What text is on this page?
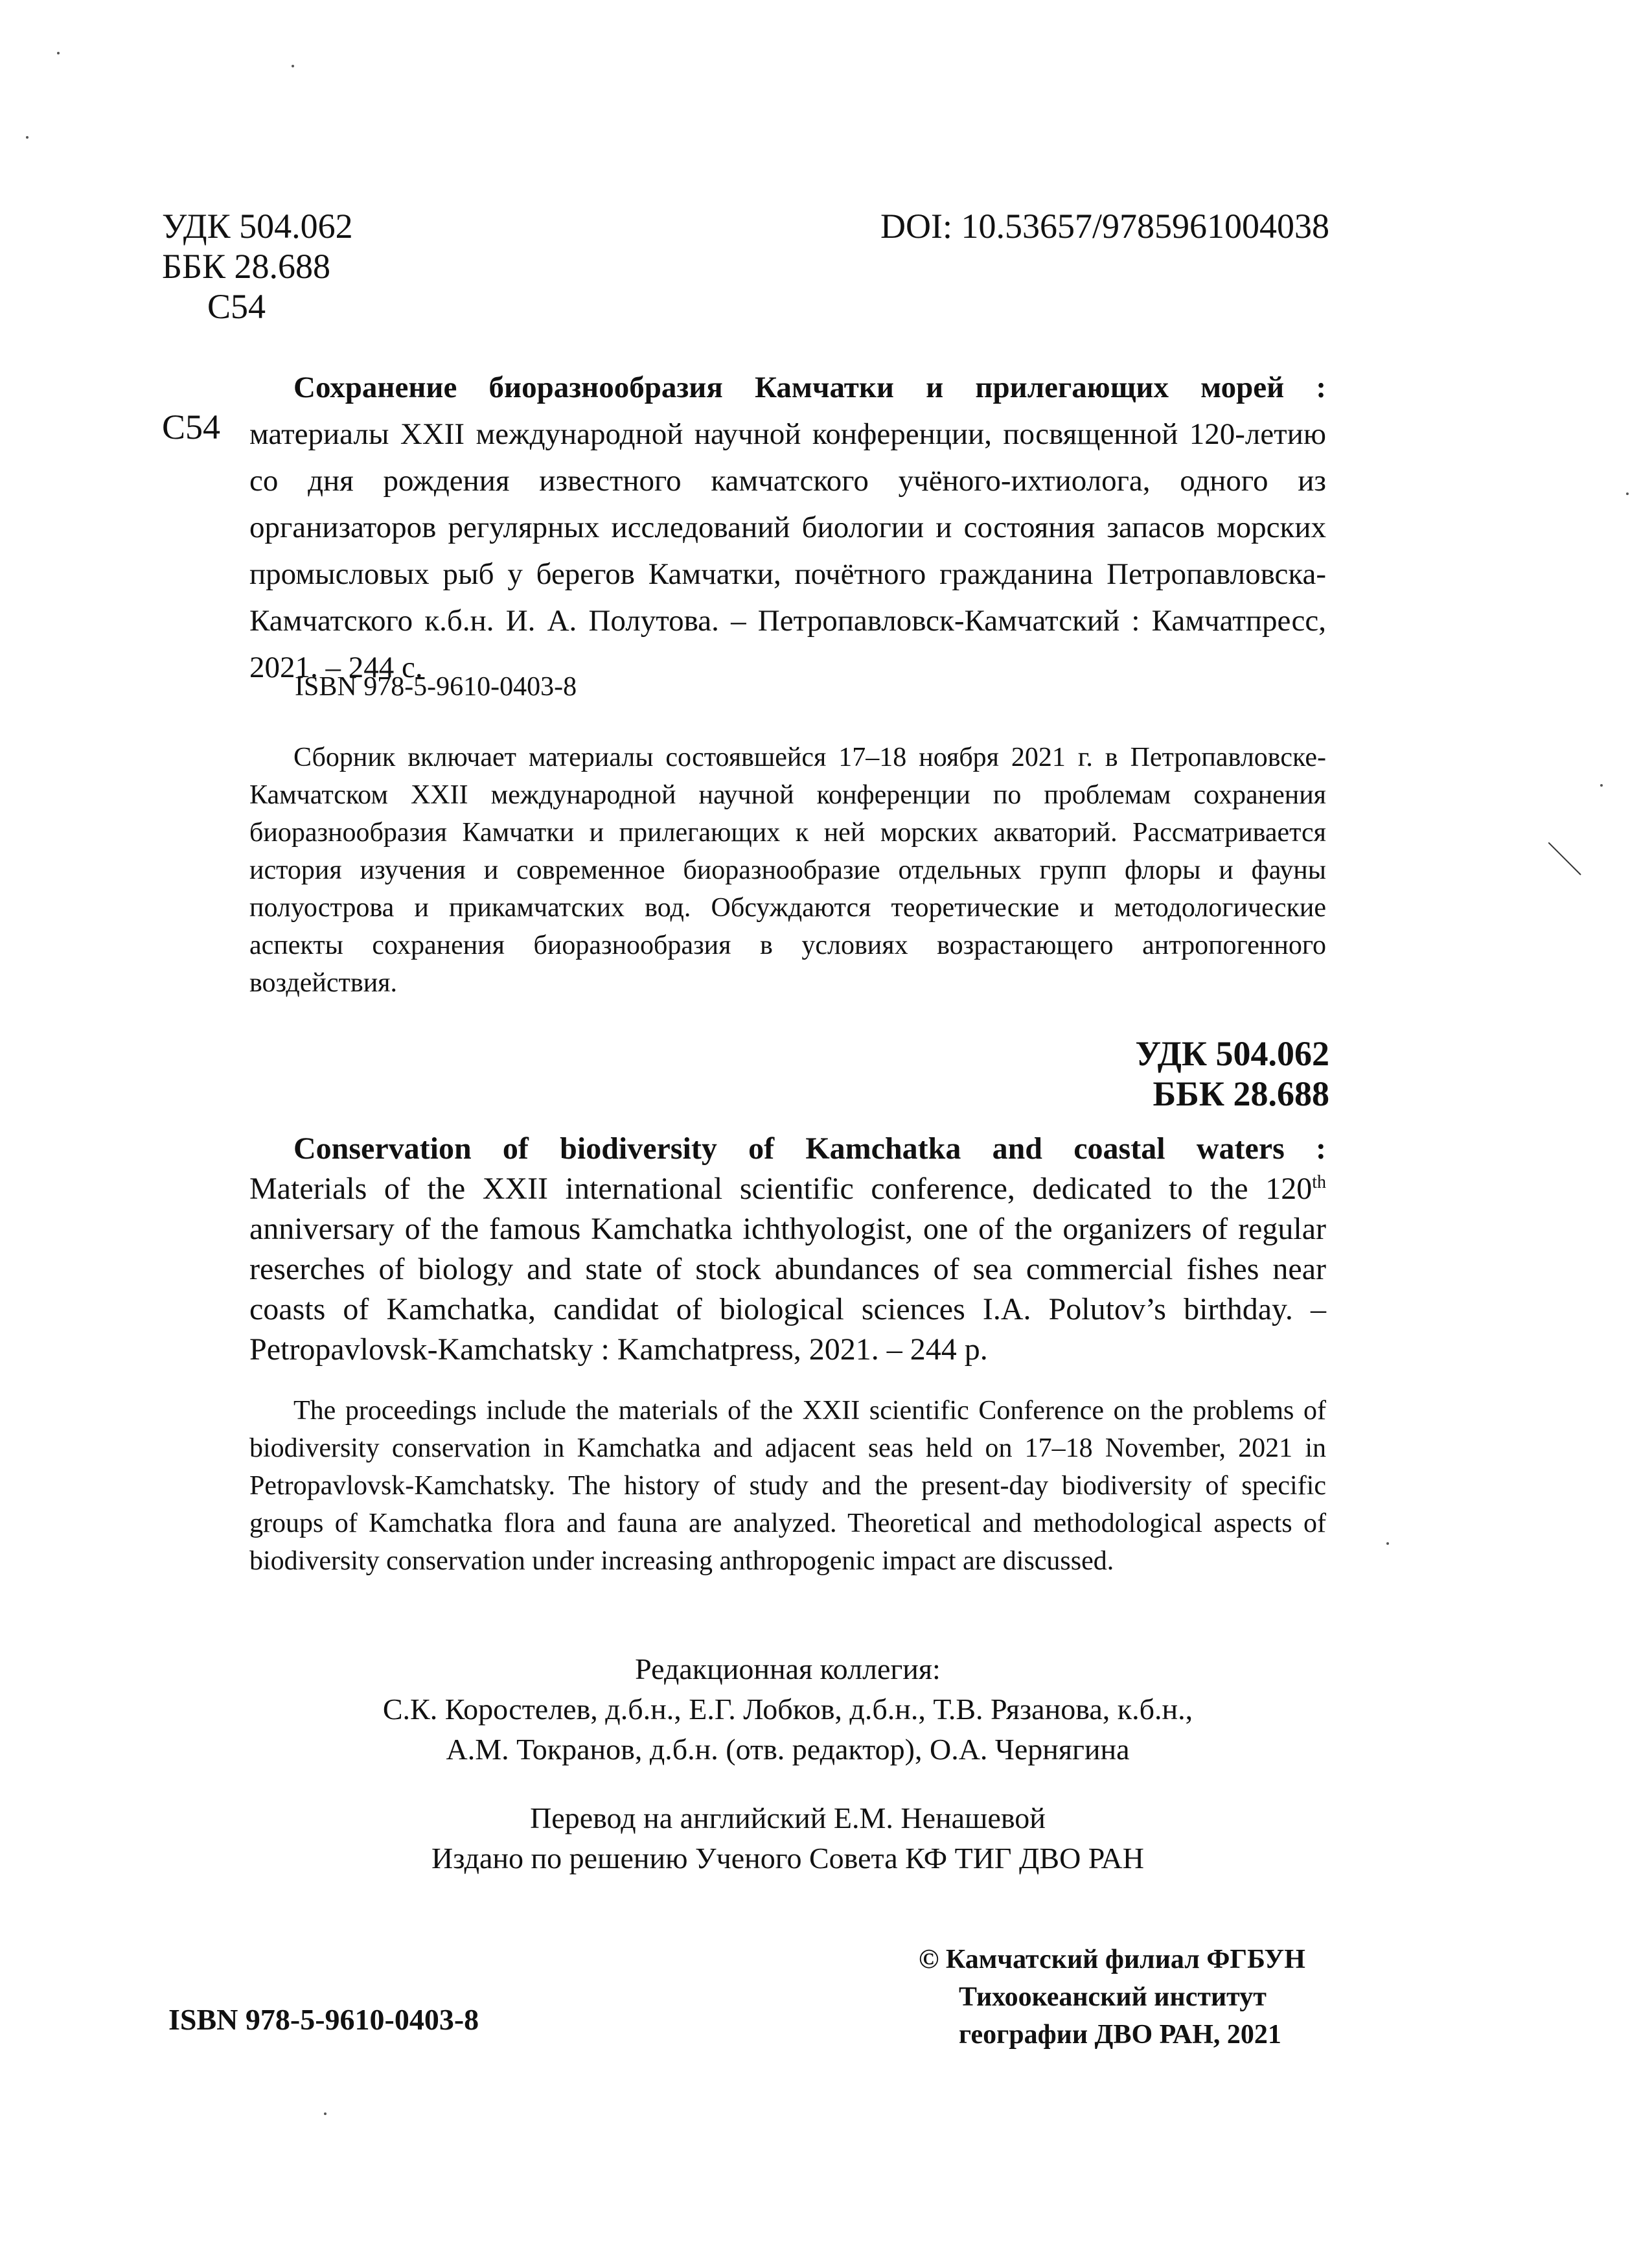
УДК 504.062
ББК 28.688
С54
DOI: 10.53657/9785961004038
С54
Сохранение биоразнообразия Камчатки и прилегающих морей :
материалы XXII международной научной конференции, посвященной 120-летию со дня рождения известного камчатского учёного-ихтиолога, одного из организаторов регулярных исследований биологии и состояния запасов морских промысловых рыб у берегов Камчатки, почётного гражданина Петропавловска-Камчатского к.б.н. И. А. Полутова. – Петропавловск-Камчатский : Камчатпресс, 2021. – 244 с.
ISBN 978-5-9610-0403-8
Сборник включает материалы состоявшейся 17–18 ноября 2021 г. в Петропавловске-Камчатском XXII международной научной конференции по проблемам сохранения биоразнообразия Камчатки и прилегающих к ней морских акваторий. Рассматривается история изучения и современное биоразнообразие отдельных групп флоры и фауны полуострова и прикамчатских вод. Обсуждаются теоретические и методологические аспекты сохранения биоразнообразия в условиях возрастающего антропогенного воздействия.
УДК 504.062
ББК 28.688
Conservation of biodiversity of Kamchatka and coastal waters :
Materials of the XXII international scientific conference, dedicated to the 120th anniversary of the famous Kamchatka ichthyologist, one of the organizers of regular reserches of biology and state of stock abundances of sea commercial fishes near coasts of Kamchatka, candidat of biological sciences I.A. Polutov’s birthday. – Petropavlovsk-Kamchatsky : Kamchatpress, 2021. – 244 p.
The proceedings include the materials of the XXII scientific Conference on the problems of biodiversity conservation in Kamchatka and adjacent seas held on 17–18 November, 2021 in Petropavlovsk-Kamchatsky. The history of study and the present-day biodiversity of specific groups of Kamchatka flora and fauna are analyzed. Theoretical and methodological aspects of biodiversity conservation under increasing anthropogenic impact are discussed.
Редакционная коллегия:
С.К. Коростелев, д.б.н., Е.Г. Лобков, д.б.н., Т.В. Рязанова, к.б.н.,
А.М. Токранов, д.б.н. (отв. редактор), О.А. Чернягина
Перевод на английский Е.М. Ненашевой
Издано по решению Ученого Совета КФ ТИГ ДВО РАН
ISBN 978-5-9610-0403-8
© Камчатский филиал ФГБУН
Тихоокеанский институт
географии ДВО РАН, 2021
